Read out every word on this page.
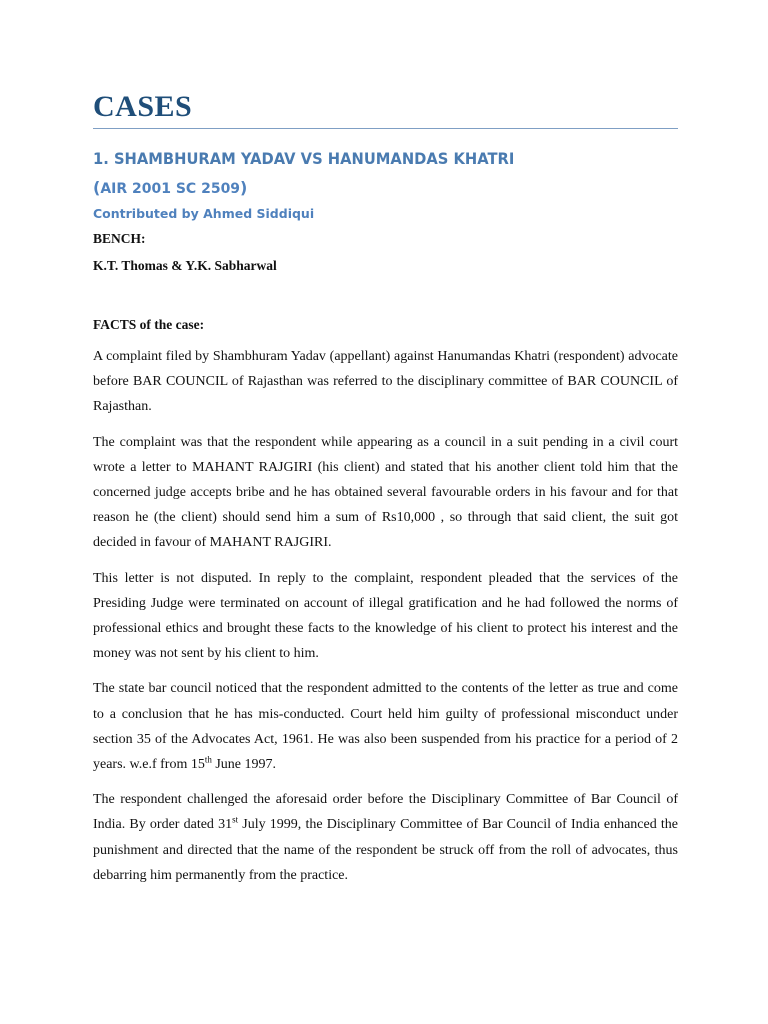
CASES
1. SHAMBHURAM YADAV VS HANUMANDAS KHATRI
(AIR 2001 SC 2509)
Contributed by Ahmed Siddiqui
BENCH:
K.T. Thomas & Y.K. Sabharwal
FACTS of the case:

A complaint filed by Shambhuram Yadav (appellant) against Hanumandas Khatri (respondent) advocate before BAR COUNCIL of Rajasthan was referred to the disciplinary committee of BAR COUNCIL of Rajasthan.

The complaint was that the respondent while appearing as a council in a suit pending in a civil court wrote a letter to MAHANT RAJGIRI (his client) and stated that his another client told him that the concerned judge accepts bribe and he has obtained several favourable orders in his favour and for that reason he (the client) should send him a sum of Rs10,000 , so through that said client, the suit got decided in favour of MAHANT RAJGIRI.

This letter is not disputed. In reply to the complaint, respondent pleaded that the services of the Presiding Judge were terminated on account of illegal gratification and he had followed the norms of professional ethics and brought these facts to the knowledge of his client to protect his interest and the money was not sent by his client to him.

The state bar council noticed that the respondent admitted to the contents of the letter as true and come to a conclusion that he has mis-conducted. Court held him guilty of professional misconduct under section 35 of the Advocates Act, 1961. He was also been suspended from his practice for a period of 2 years. w.e.f from 15th June 1997.

The respondent challenged the aforesaid order before the Disciplinary Committee of Bar Council of India. By order dated 31st July 1999, the Disciplinary Committee of Bar Council of India enhanced the punishment and directed that the name of the respondent be struck off from the roll of advocates, thus debarring him permanently from the practice.
